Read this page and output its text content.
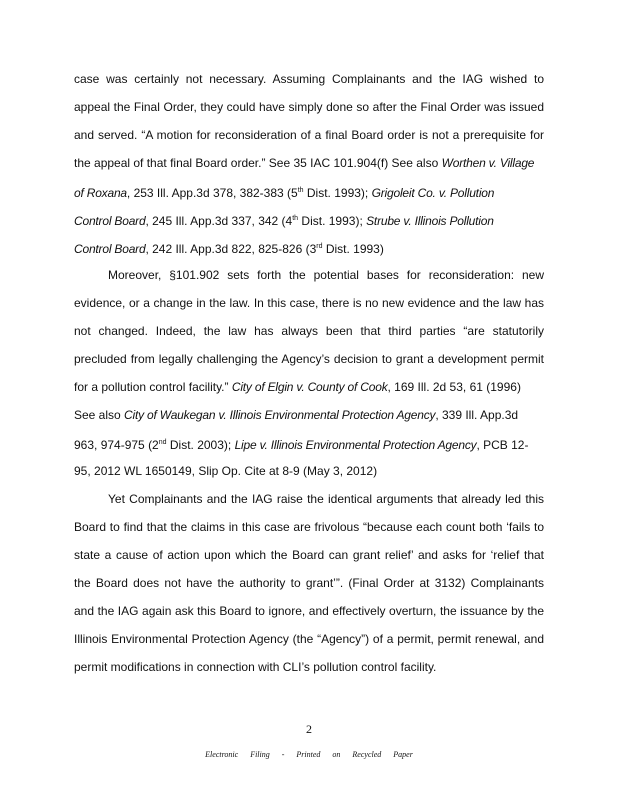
case was certainly not necessary. Assuming Complainants and the IAG wished to
appeal the Final Order, they could have simply done so after the Final Order was issued
and served. “A motion for reconsideration of a final Board order is not a prerequisite for
the appeal of that final Board order.” See 35 IAC 101.904(f) See also Worthen v. Village
of Roxana, 253 Ill. App.3d 378, 382-383 (5th Dist. 1993); Grigoleit Co. v. Pollution
Control Board, 245 Ill. App.3d 337, 342 (4th Dist. 1993); Strube v. Illinois Pollution
Control Board, 242 Ill. App.3d 822, 825-826 (3rd Dist. 1993)
Moreover, §101.902 sets forth the potential bases for reconsideration: new
evidence, or a change in the law. In this case, there is no new evidence and the law has
not changed. Indeed, the law has always been that third parties “are statutorily
precluded from legally challenging the Agency’s decision to grant a development permit
for a pollution control facility.” City of Elgin v. County of Cook, 169 Ill. 2d 53, 61 (1996)
See also City of Waukegan v. Illinois Environmental Protection Agency, 339 Ill. App.3d
963, 974-975 (2nd Dist. 2003); Lipe v. Illinois Environmental Protection Agency, PCB 12-
95, 2012 WL 1650149, Slip Op. Cite at 8-9 (May 3, 2012)
Yet Complainants and the IAG raise the identical arguments that already led this
Board to find that the claims in this case are frivolous “because each count both ‘fails to
state a cause of action upon which the Board can grant relief’ and asks for ‘relief that
the Board does not have the authority to grant’”. (Final Order at 3132) Complainants
and the IAG again ask this Board to ignore, and effectively overturn, the issuance by the
Illinois Environmental Protection Agency (the “Agency”) of a permit, permit renewal, and
permit modifications in connection with CLI’s pollution control facility.
2
Electronic Filing - Printed on Recycled Paper
